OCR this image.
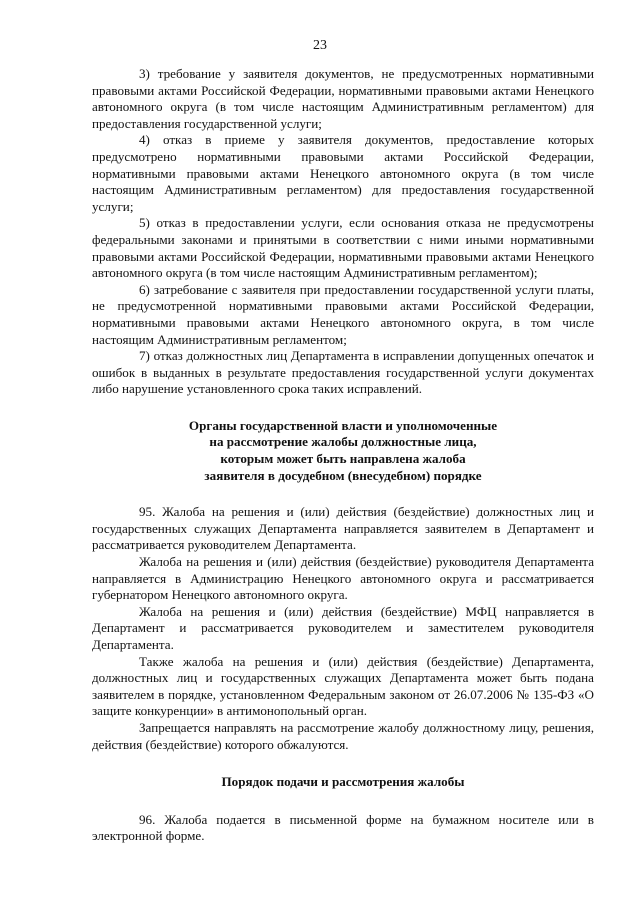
23

3) требование у заявителя документов, не предусмотренных нормативными правовыми актами Российской Федерации, нормативными правовыми актами Ненецкого автономного округа (в том числе настоящим Административным регламентом) для предоставления государственной услуги;

4) отказ в приеме у заявителя документов, предоставление которых предусмотрено нормативными правовыми актами Российской Федерации, нормативными правовыми актами Ненецкого автономного округа (в том числе настоящим Административным регламентом) для предоставления государственной услуги;

5) отказ в предоставлении услуги, если основания отказа не предусмотрены федеральными законами и принятыми в соответствии с ними иными нормативными правовыми актами Российской Федерации, нормативными правовыми актами Ненецкого автономного округа (в том числе настоящим Административным регламентом);

6) затребование с заявителя при предоставлении государственной услуги платы, не предусмотренной нормативными правовыми актами Российской Федерации, нормативными правовыми актами Ненецкого автономного округа, в том числе настоящим Административным регламентом;

7) отказ должностных лиц Департамента в исправлении допущенных опечаток и ошибок в выданных в результате предоставления государственной услуги документах либо нарушение установленного срока таких исправлений.

Органы государственной власти и уполномоченные
на рассмотрение жалобы должностные лица,
которым может быть направлена жалоба
заявителя в досудебном (внесудебном) порядке

95. Жалоба на решения и (или) действия (бездействие) должностных лиц и государственных служащих Департамента направляется заявителем в Департамент и рассматривается руководителем Департамента.

Жалоба на решения и (или) действия (бездействие) руководителя Департамента направляется в Администрацию Ненецкого автономного округа и рассматривается губернатором Ненецкого автономного округа.

Жалоба на решения и (или) действия (бездействие) МФЦ направляется в Департамент и рассматривается руководителем и заместителем руководителя Департамента.

Также жалоба на решения и (или) действия (бездействие) Департамента, должностных лиц и государственных служащих Департамента может быть подана заявителем в порядке, установленном Федеральным законом от 26.07.2006 № 135-ФЗ «О защите конкуренции» в антимонопольный орган.

Запрещается направлять на рассмотрение жалобу должностному лицу, решения, действия (бездействие) которого обжалуются.

Порядок подачи и рассмотрения жалобы

96. Жалоба подается в письменной форме на бумажном носителе или в электронной форме.
